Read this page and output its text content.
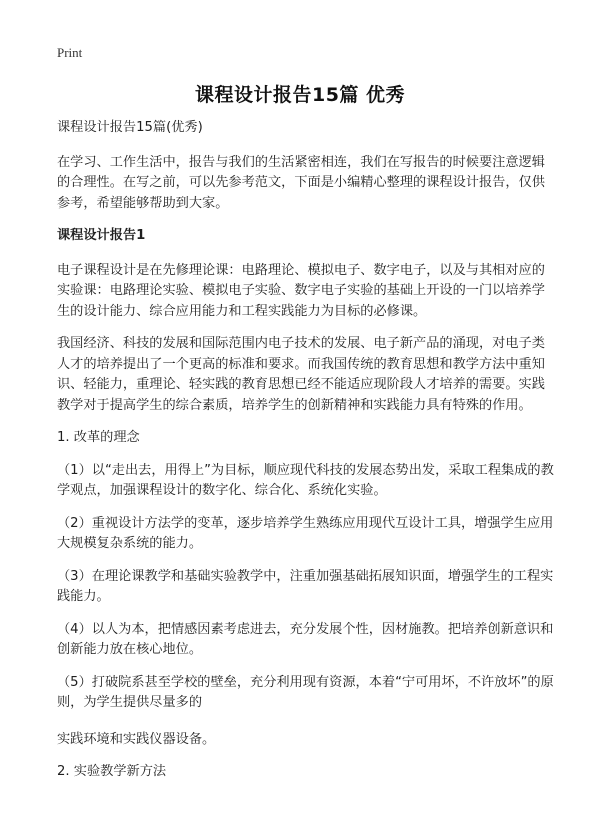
Print
课程设计报告15篇 优秀

课程设计报告15篇(优秀)

在学习、工作生活中，报告与我们的生活紧密相连，我们在写报告的时候要注意逻辑的合理性。在写之前，可以先参考范文，下面是小编精心整理的课程设计报告，仅供参考，希望能够帮助到大家。

课程设计报告1

电子课程设计是在先修理论课：电路理论、模拟电子、数字电子，以及与其相对应的实验课：电路理论实验、模拟电子实验、数字电子实验的基础上开设的一门以培养学生的设计能力、综合应用能力和工程实践能力为目标的必修课。

我国经济、科技的发展和国际范围内电子技术的发展、电子新产品的涌现，对电子类人才的培养提出了一个更高的标准和要求。而我国传统的教育思想和教学方法中重知识、轻能力，重理论、轻实践的教育思想已经不能适应现阶段人才培养的需要。实践教学对于提高学生的综合素质，培养学生的创新精神和实践能力具有特殊的作用。

1. 改革的理念

（1）以“走出去，用得上”为目标，顺应现代科技的发展态势出发，采取工程集成的教学观点，加强课程设计的数字化、综合化、系统化实验。

（2）重视设计方法学的变革，逐步培养学生熟练应用现代互设计工具，增强学生应用大规模复杂系统的能力。

（3）在理论课教学和基础实验教学中，注重加强基础拓展知识面，增强学生的工程实践能力。

（4）以人为本，把情感因素考虑进去，充分发展个性，因材施教。把培养创新意识和创新能力放在核心地位。

（5）打破院系甚至学校的壁垒，充分利用现有资源，本着“宁可用坏，不许放坏”的原则，为学生提供尽量多的

实践环境和实践仪器设备。

2. 实验教学新方法
